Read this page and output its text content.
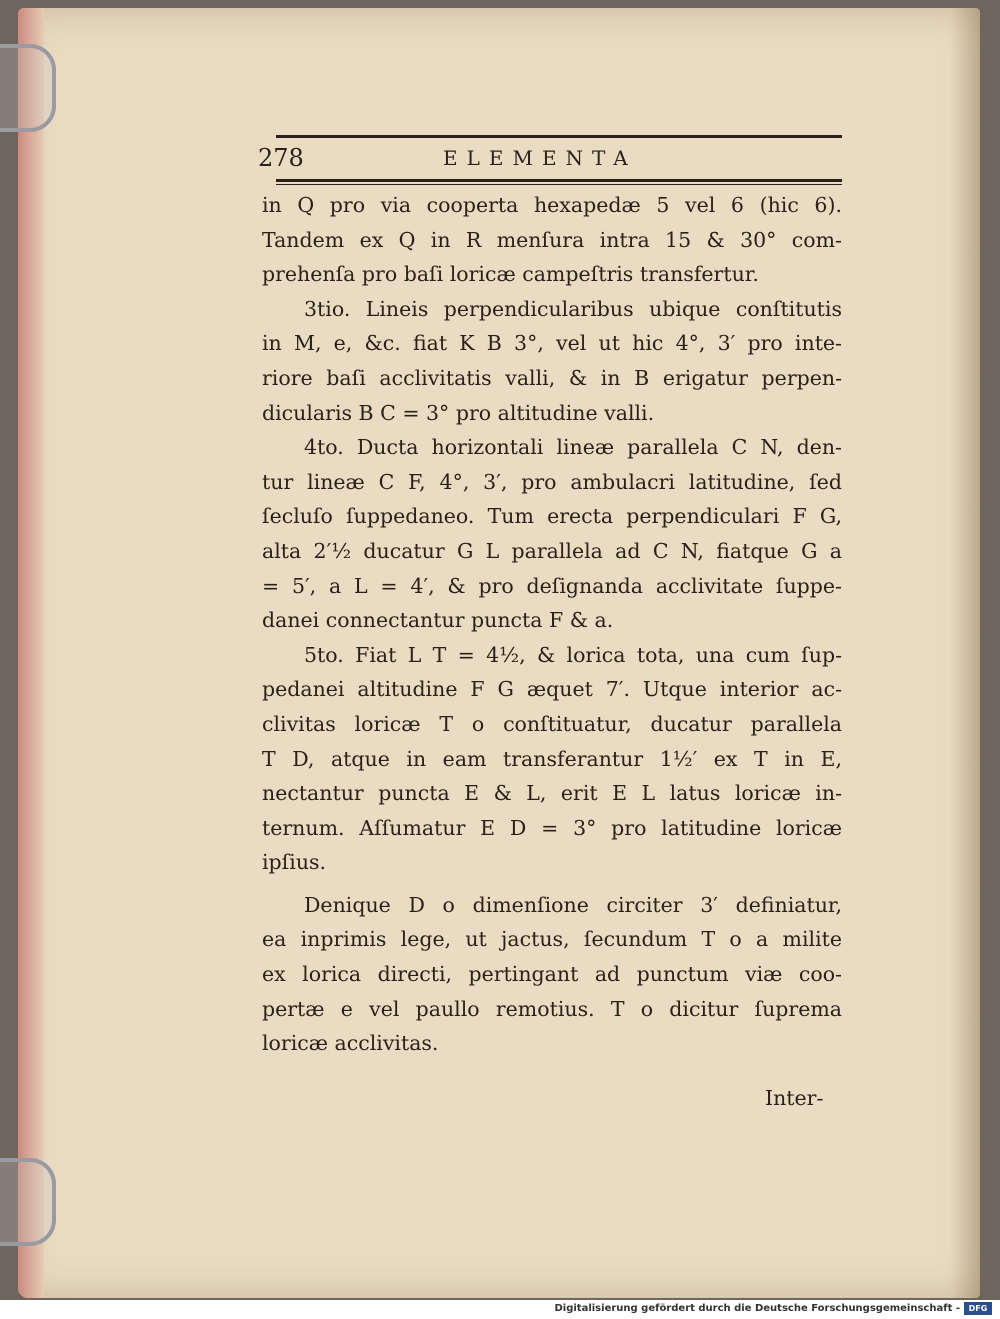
278	ELEMENTA
in Q pro via cooperta hexapedæ 5 vel 6 (hic 6).
Tandem ex Q in R menſura intra 15 & 30° com-
prehenſa pro baſi loricæ campeſtris transfertur.
3tio. Lineis perpendicularibus ubique conſtitutis
in M, e, &c. fiat K B 3°, vel ut hic 4°, 3′ pro inte-
riore baſi acclivitatis valli, & in B erigatur perpen-
dicularis B C = 3° pro altitudine valli.
4to. Ducta horizontali lineæ parallela C N, den-
tur lineæ C F, 4°, 3′, pro ambulacri latitudine, ſed
ſecluſo ſuppedaneo. Tum erecta perpendiculari F G,
alta 2′½ ducatur G L parallela ad C N, fiatque G a
= 5′, a L = 4′, & pro deſignanda acclivitate ſuppe-
danei connectantur puncta F & a.
5to. Fiat L T = 4½, & lorica tota, una cum ſup-
pedanei altitudine F G æquet 7′. Utque interior ac-
clivitas loricæ T o conſtituatur, ducatur parallela
T D, atque in eam transferantur 1½′ ex T in E,
nectantur puncta E & L, erit E L latus loricæ in-
ternum. Aſſumatur E D = 3° pro latitudine loricæ
ipſius.
Denique D o dimenſione circiter 3′ definiatur,
ea inprimis lege, ut jactus, ſecundum T o a milite
ex lorica directi, pertingant ad punctum viæ coo-
pertæ e vel paullo remotius. T o dicitur ſuprema
loricæ acclivitas.
Inter-
Digitalisierung gefördert durch die Deutsche Forschungsgemeinschaft -	DFG
